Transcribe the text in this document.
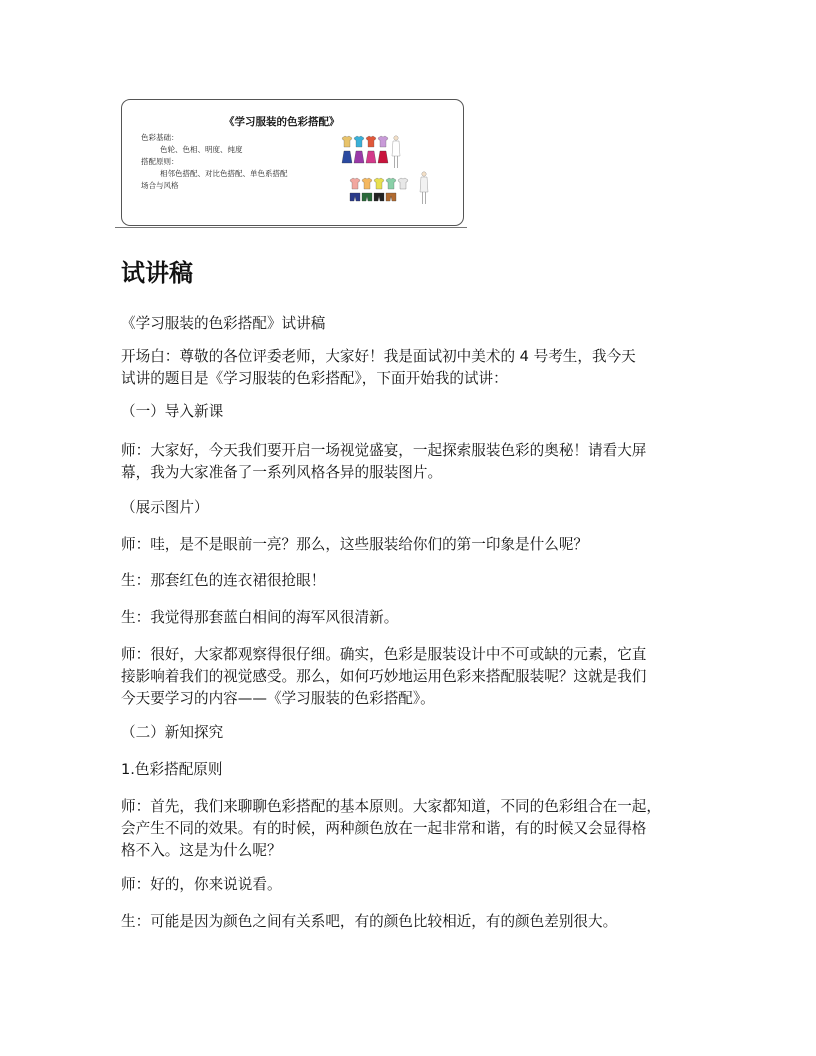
《学习服装的色彩搭配》
色彩基础：
色轮、色相、明度、纯度
搭配原则：
相邻色搭配、对比色搭配、单色系搭配
场合与风格
试讲稿
《学习服装的色彩搭配》试讲稿
开场白：尊敬的各位评委老师，大家好！我是面试初中美术的 4 号考生，我今天
试讲的题目是《学习服装的色彩搭配》，下面开始我的试讲：
（一）导入新课
师：大家好，今天我们要开启一场视觉盛宴，一起探索服装色彩的奥秘！请看大屏
幕，我为大家准备了一系列风格各异的服装图片。
（展示图片）
师：哇，是不是眼前一亮？那么，这些服装给你们的第一印象是什么呢？
生：那套红色的连衣裙很抢眼！
生：我觉得那套蓝白相间的海军风很清新。
师：很好，大家都观察得很仔细。确实，色彩是服装设计中不可或缺的元素，它直
接影响着我们的视觉感受。那么，如何巧妙地运用色彩来搭配服装呢？这就是我们
今天要学习的内容——《学习服装的色彩搭配》。
（二）新知探究
1.色彩搭配原则
师：首先，我们来聊聊色彩搭配的基本原则。大家都知道，不同的色彩组合在一起，
会产生不同的效果。有的时候，两种颜色放在一起非常和谐，有的时候又会显得格
格不入。这是为什么呢？
师：好的，你来说说看。
生：可能是因为颜色之间有关系吧，有的颜色比较相近，有的颜色差别很大。
